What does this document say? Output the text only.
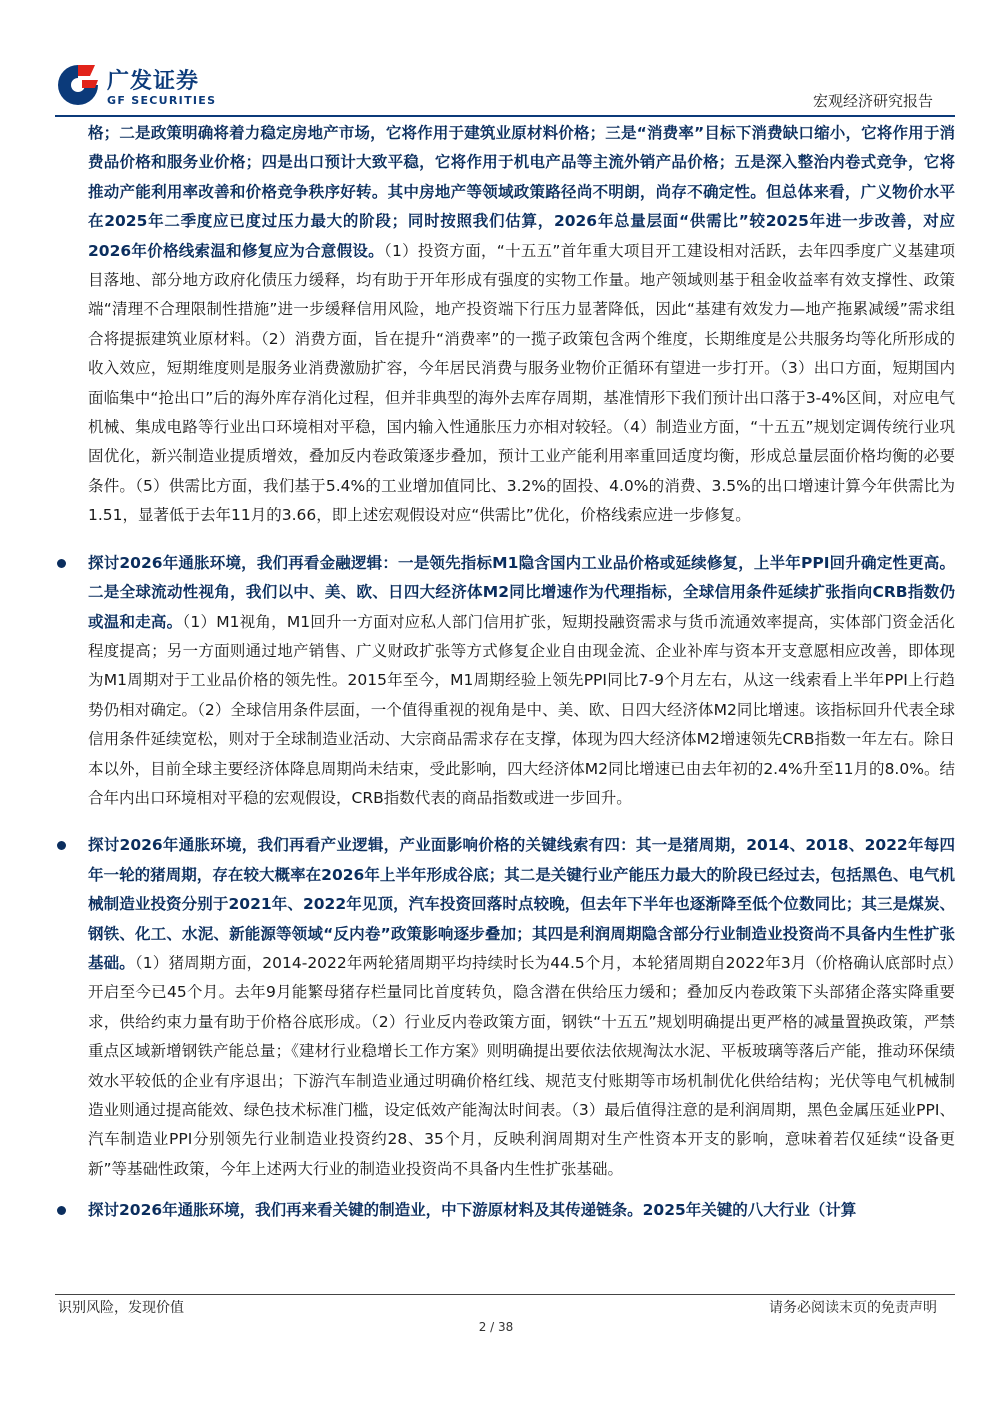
广发证券
GF SECURITIES	宏观经济研究报告

格；二是政策明确将着力稳定房地产市场，它将作用于建筑业原材料价格；三是“消费率”目标下消费缺口缩小，它将作用于消费品价格和服务业价格；四是出口预计大致平稳，它将作用于机电产品等主流外销产品价格；五是深入整治内卷式竞争，它将推动产能利用率改善和价格竞争秩序好转。其中房地产等领域政策路径尚不明朗，尚存不确定性。但总体来看，广义物价水平在2025年二季度应已度过压力最大的阶段；同时按照我们估算，2026年总量层面“供需比”较2025年进一步改善，对应2026年价格线索温和修复应为合意假设。（1）投资方面，“十五五”首年重大项目开工建设相对活跃，去年四季度广义基建项目落地、部分地方政府化债压力缓释，均有助于开年形成有强度的实物工作量。地产领域则基于租金收益率有效支撑性、政策端“清理不合理限制性措施”进一步缓释信用风险，地产投资端下行压力显著降低，因此“基建有效发力—地产拖累减缓”需求组合将提振建筑业原材料。（2）消费方面，旨在提升“消费率”的一揽子政策包含两个维度，长期维度是公共服务均等化所形成的收入效应，短期维度则是服务业消费激励扩容，今年居民消费与服务业物价正循环有望进一步打开。（3）出口方面，短期国内面临集中“抢出口”后的海外库存消化过程，但并非典型的海外去库存周期，基准情形下我们预计出口落于3-4%区间，对应电气机械、集成电路等行业出口环境相对平稳，国内输入性通胀压力亦相对较轻。（4）制造业方面，“十五五”规划定调传统行业巩固优化，新兴制造业提质增效，叠加反内卷政策逐步叠加，预计工业产能利用率重回适度均衡，形成总量层面价格均衡的必要条件。（5）供需比方面，我们基于5.4%的工业增加值同比、3.2%的固投、4.0%的消费、3.5%的出口增速计算今年供需比为1.51，显著低于去年11月的3.66，即上述宏观假设对应“供需比”优化，价格线索应进一步修复。

探讨2026年通胀环境，我们再看金融逻辑：一是领先指标M1隐含国内工业品价格或延续修复，上半年PPI回升确定性更高。二是全球流动性视角，我们以中、美、欧、日四大经济体M2同比增速作为代理指标，全球信用条件延续扩张指向CRB指数仍或温和走高。（1）M1视角，M1回升一方面对应私人部门信用扩张，短期投融资需求与货币流通效率提高，实体部门资金活化程度提高；另一方面则通过地产销售、广义财政扩张等方式修复企业自由现金流、企业补库与资本开支意愿相应改善，即体现为M1周期对于工业品价格的领先性。2015年至今，M1周期经验上领先PPI同比7-9个月左右，从这一线索看上半年PPI上行趋势仍相对确定。（2）全球信用条件层面，一个值得重视的视角是中、美、欧、日四大经济体M2同比增速。该指标回升代表全球信用条件延续宽松，则对于全球制造业活动、大宗商品需求存在支撑，体现为四大经济体M2增速领先CRB指数一年左右。除日本以外，目前全球主要经济体降息周期尚未结束，受此影响，四大经济体M2同比增速已由去年初的2.4%升至11月的8.0%。结合年内出口环境相对平稳的宏观假设，CRB指数代表的商品指数或进一步回升。

探讨2026年通胀环境，我们再看产业逻辑，产业面影响价格的关键线索有四：其一是猪周期，2014、2018、2022年每四年一轮的猪周期，存在较大概率在2026年上半年形成谷底；其二是关键行业产能压力最大的阶段已经过去，包括黑色、电气机械制造业投资分别于2021年、2022年见顶，汽车投资回落时点较晚，但去年下半年也逐渐降至低个位数同比；其三是煤炭、钢铁、化工、水泥、新能源等领域“反内卷”政策影响逐步叠加；其四是利润周期隐含部分行业制造业投资尚不具备内生性扩张基础。（1）猪周期方面，2014-2022年两轮猪周期平均持续时长为44.5个月，本轮猪周期自2022年3月（价格确认底部时点）开启至今已45个月。去年9月能繁母猪存栏量同比首度转负，隐含潜在供给压力缓和；叠加反内卷政策下头部猪企落实降重要求，供给约束力量有助于价格谷底形成。（2）行业反内卷政策方面，钢铁“十五五”规划明确提出更严格的减量置换政策，严禁重点区域新增钢铁产能总量；《建材行业稳增长工作方案》则明确提出要依法依规淘汰水泥、平板玻璃等落后产能，推动环保绩效水平较低的企业有序退出；下游汽车制造业通过明确价格红线、规范支付账期等市场机制优化供给结构；光伏等电气机械制造业则通过提高能效、绿色技术标准门槛，设定低效产能淘汰时间表。（3）最后值得注意的是利润周期，黑色金属压延业PPI、汽车制造业PPI分别领先行业制造业投资约28、35个月，反映利润周期对生产性资本开支的影响，意味着若仅延续“设备更新”等基础性政策，今年上述两大行业的制造业投资尚不具备内生性扩张基础。

探讨2026年通胀环境，我们再来看关键的制造业，中下游原材料及其传递链条。2025年关键的八大行业（计算

识别风险，发现价值	请务必阅读末页的免责声明
2 / 38
